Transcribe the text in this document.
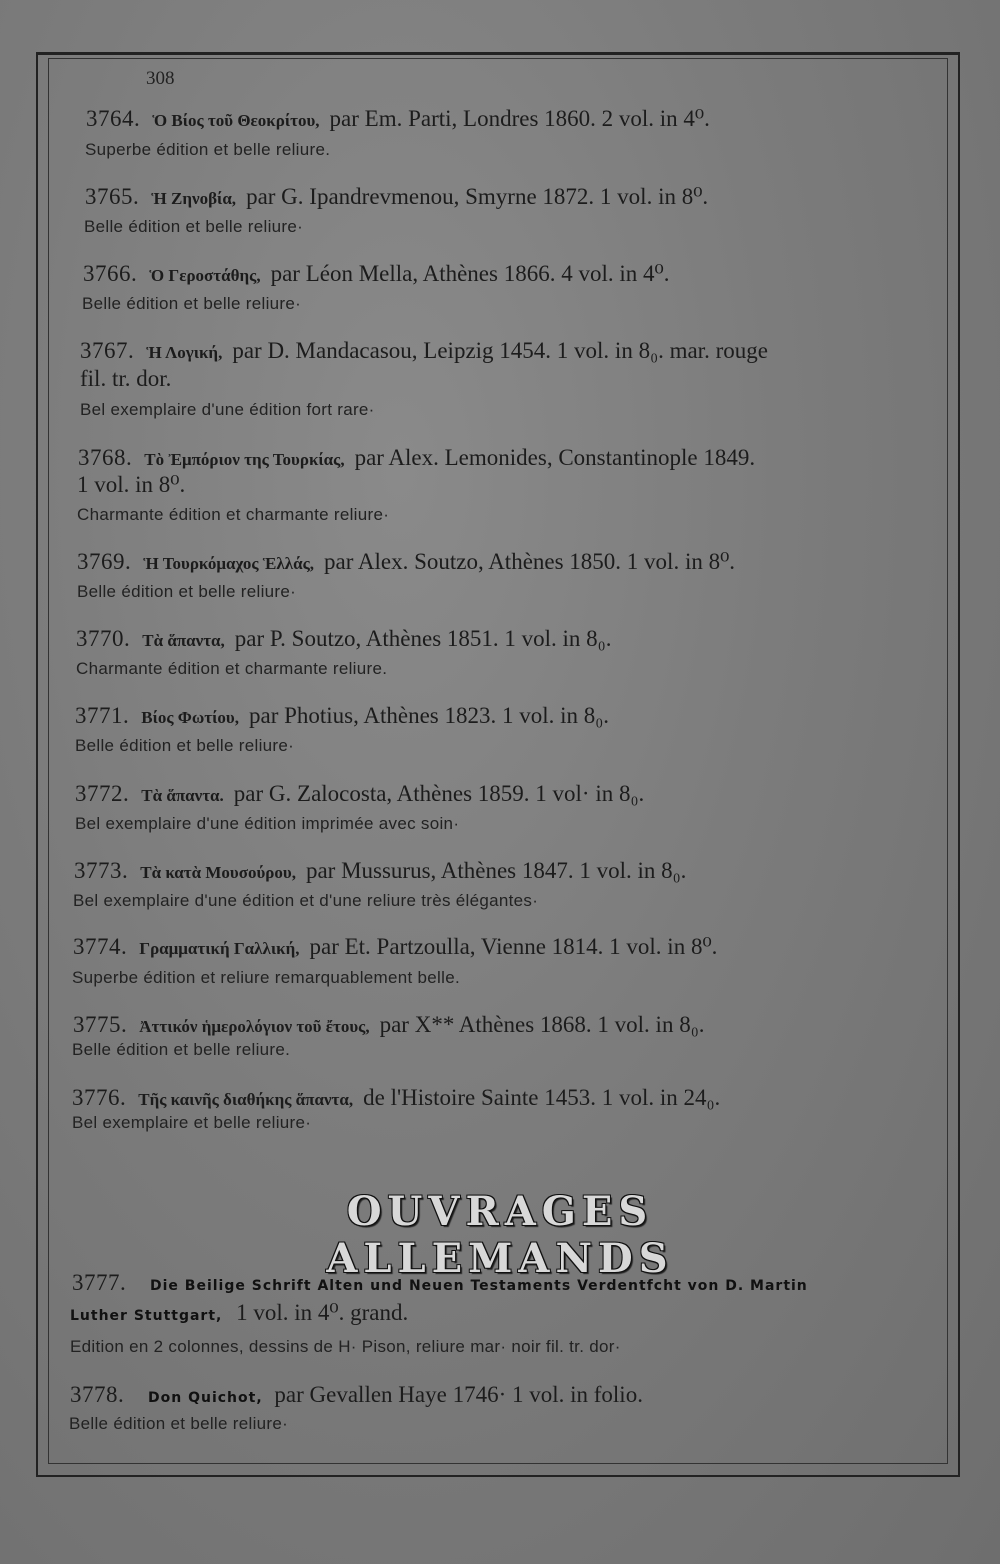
308
3764. Ὁ Βίος τοῦ Θεοκρίτου, par Em. Parti, Londres 1860. 2 vol. in 4⁰.
Superbe édition et belle reliure.
3765. Ἡ Ζηνοβία, par G. Ipandrevmenou, Smyrne 1872. 1 vol. in 8⁰.
Belle édition et belle reliure·
3766. Ὁ Γεροστάθης, par Léon Mella, Athènes 1866. 4 vol. in 4⁰.
Belle édition et belle reliure·
3767. Ἡ Λογική, par D. Mandacasou, Leipzig 1454. 1 vol. in 8₀. mar. rouge
fil. tr. dor.
Bel exemplaire d'une édition fort rare·
3768. Τὸ Ἐμπόριον της Τουρκίας, par Alex. Lemonides, Constantinople 1849.
1 vol. in 8⁰.
Charmante édition et charmante reliure·
3769. Ἡ Τουρκόμαχος Ἑλλάς, par Alex. Soutzo, Athènes 1850. 1 vol. in 8⁰.
Belle édition et belle reliure·
3770. Τὰ ἅπαντα, par P. Soutzo, Athènes 1851. 1 vol. in 8₀.
Charmante édition et charmante reliure.
3771. Βίος Φωτίου, par Photius, Athènes 1823. 1 vol. in 8₀.
Belle édition et belle reliure·
3772. Τὰ ἅπαντα. par G. Zalocosta, Athènes 1859. 1 vol· in 8₀.
Bel exemplaire d'une édition imprimée avec soin·
3773. Τὰ κατὰ Μουσούρου, par Mussurus, Athènes 1847. 1 vol. in 8₀.
Bel exemplaire d'une édition et d'une reliure très élégantes·
3774. Γραμματική Γαλλική, par Et. Partzoulla, Vienne 1814. 1 vol. in 8⁰.
Superbe édition et reliure remarquablement belle.
3775. Ἀττικόν ἡμερολόγιον τοῦ ἔτους, par X** Athènes 1868. 1 vol. in 8₀.
Belle édition et belle reliure.
3776. Τῆς καινῆς διαθήκης ἅπαντα, de l'Histoire Sainte 1453. 1 vol. in 24₀.
Bel exemplaire et belle reliure·
OUVRAGES ALLEMANDS
3777. Die Beilige Schrift Alten und Neuen Testaments Verdentfcht von D. Martin
Luther Stuttgart, 1 vol. in 4⁰. grand.
Edition en 2 colonnes, dessins de H· Pison, reliure mar· noir fil. tr. dor·
3778. Don Quichot, par Gevallen Haye 1746· 1 vol. in folio.
Belle édition et belle reliure·
